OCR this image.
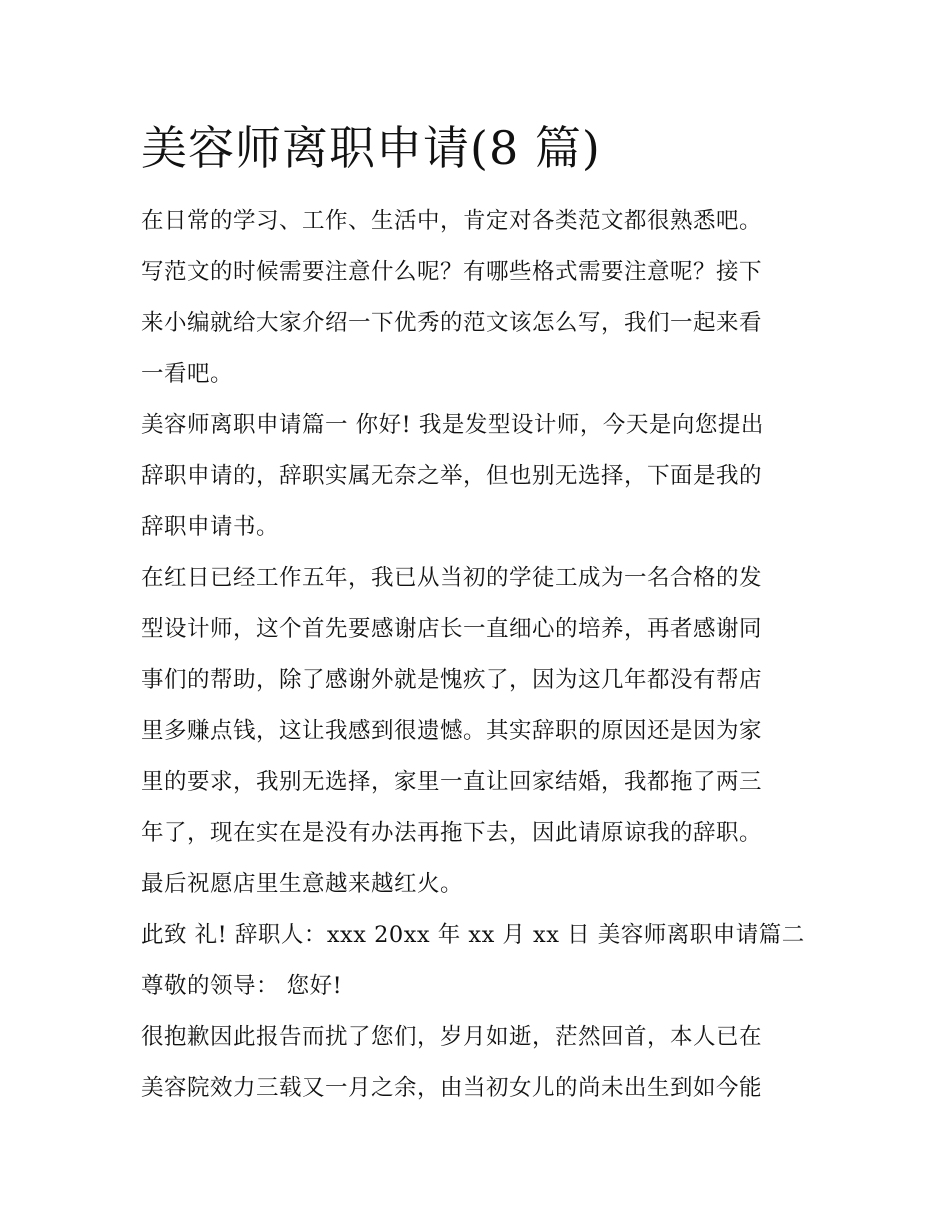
美容师离职申请(8 篇)
在日常的学习、工作、生活中，肯定对各类范文都很熟悉吧。
写范文的时候需要注意什么呢？有哪些格式需要注意呢？接下
来小编就给大家介绍一下优秀的范文该怎么写，我们一起来看
一看吧。
美容师离职申请篇一 你好! 我是发型设计师，今天是向您提出
辞职申请的，辞职实属无奈之举，但也别无选择，下面是我的
辞职申请书。
在红日已经工作五年，我已从当初的学徒工成为一名合格的发
型设计师，这个首先要感谢店长一直细心的培养，再者感谢同
事们的帮助，除了感谢外就是愧疚了，因为这几年都没有帮店
里多赚点钱，这让我感到很遗憾。其实辞职的原因还是因为家
里的要求，我别无选择，家里一直让回家结婚，我都拖了两三
年了，现在实在是没有办法再拖下去，因此请原谅我的辞职。
最后祝愿店里生意越来越红火。
此致 礼! 辞职人：xxx 20xx 年 xx 月 xx 日 美容师离职申请篇二
尊敬的领导： 您好!
很抱歉因此报告而扰了您们，岁月如逝，茫然回首，本人已在
美容院效力三载又一月之余，由当初女儿的尚未出生到如今能
